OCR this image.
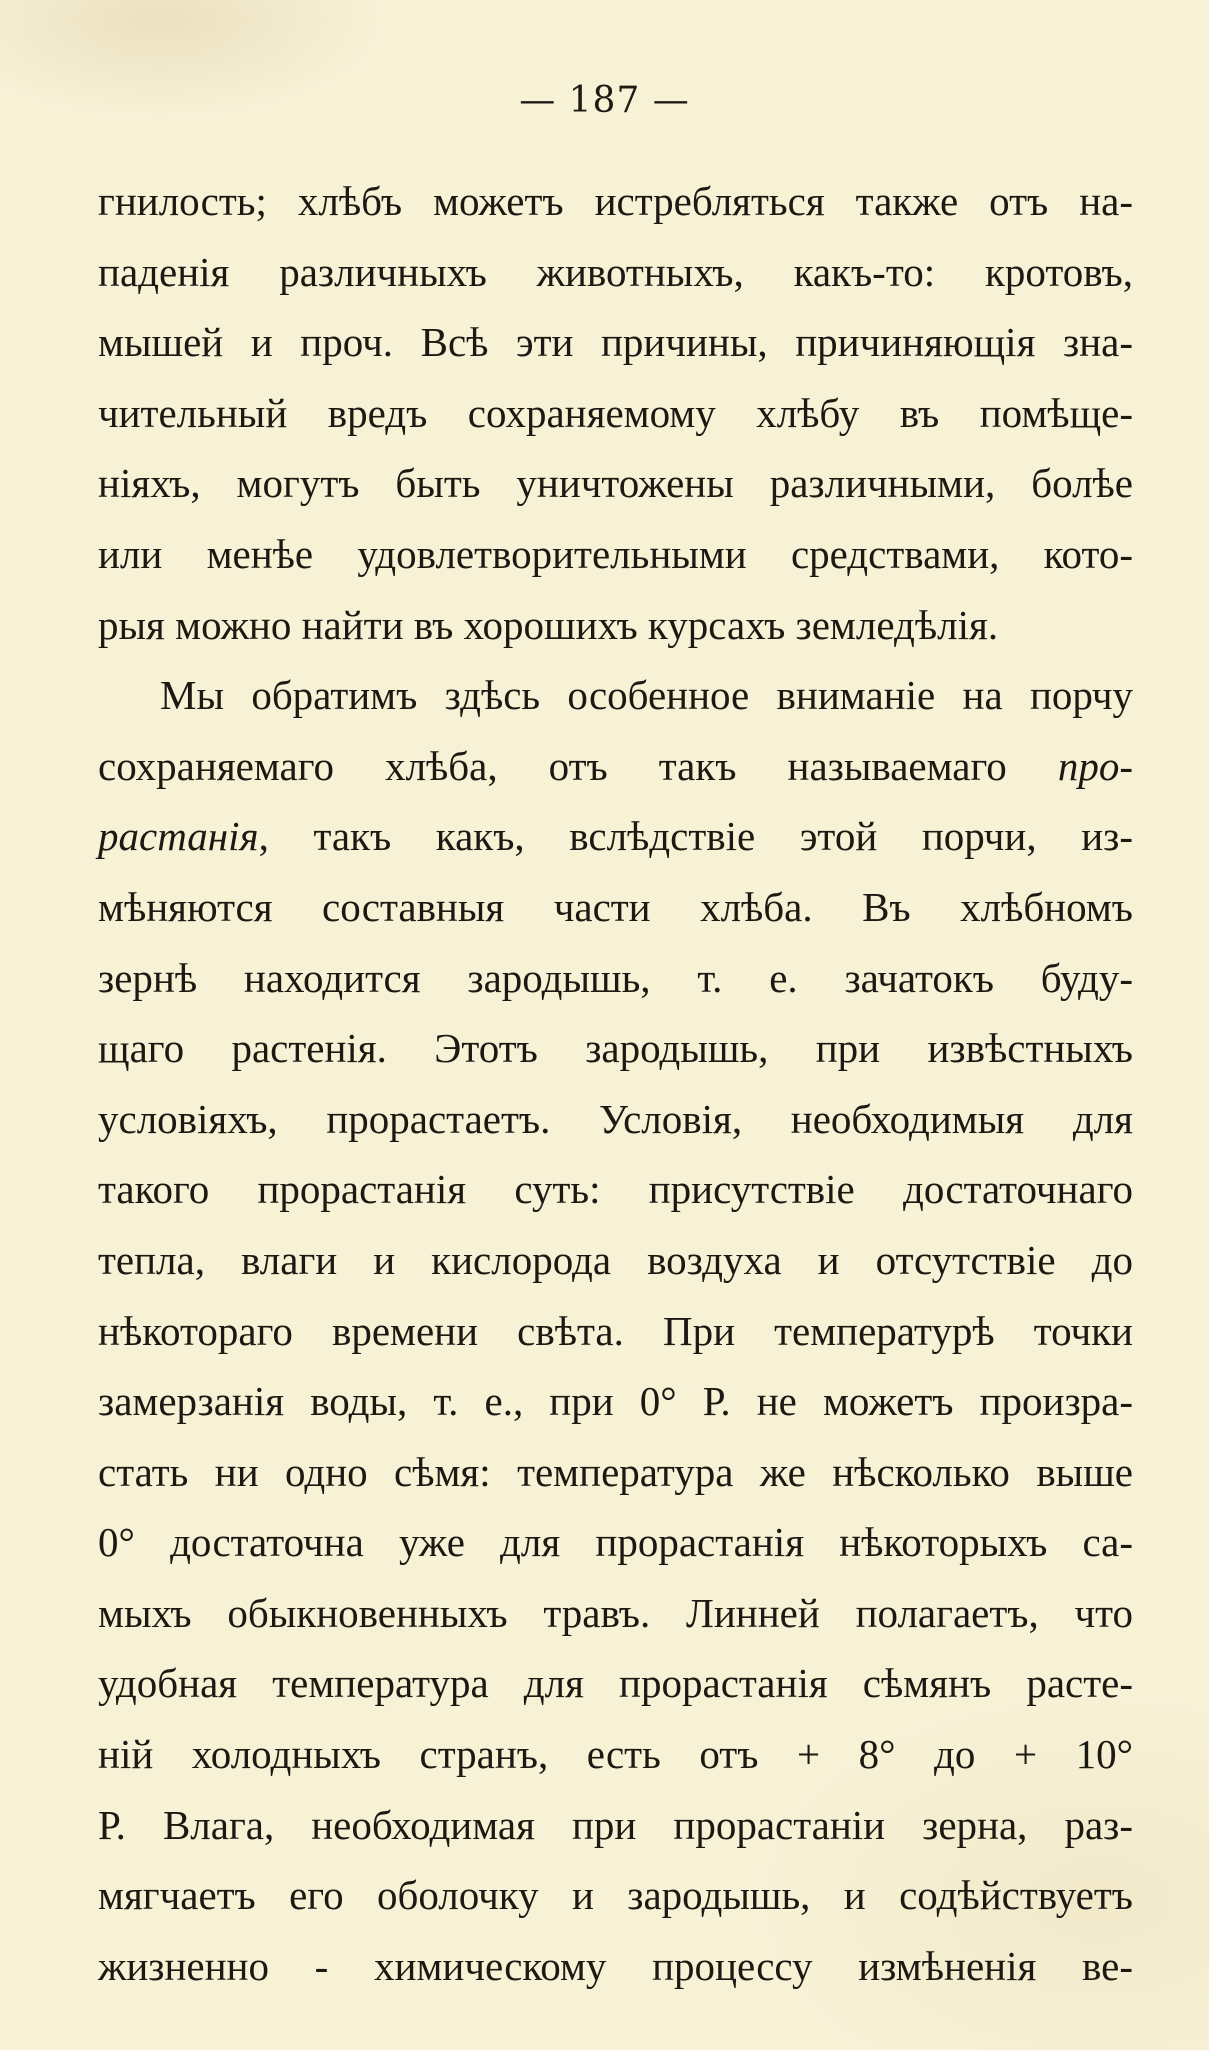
— 187 —
гнилость; хлѣбъ можетъ истребляться также отъ на-
паденія различныхъ животныхъ, какъ-то: кротовъ,
мышей и проч. Всѣ эти причины, причиняющія зна-
чительный вредъ сохраняемому хлѣбу въ помѣще-
ніяхъ, могутъ быть уничтожены различными, болѣе
или менѣе удовлетворительными средствами, кото-
рыя можно найти въ хорошихъ курсахъ земледѣлія.
Мы обратимъ здѣсь особенное вниманіе на порчу
сохраняемаго хлѣба, отъ такъ называемаго про-
растанія, такъ какъ, вслѣдствіе этой порчи, из-
мѣняются составныя части хлѣба. Въ хлѣбномъ
зернѣ находится зародышь, т. е. зачатокъ буду-
щаго растенія. Этотъ зародышь, при извѣстныхъ
условіяхъ, прорастаетъ. Условія, необходимыя для
такого прорастанія суть: присутствіе достаточнаго
тепла, влаги и кислорода воздуха и отсутствіе до
нѣкотораго времени свѣта. При температурѣ точки
замерзанія воды, т. е., при 0° Р. не можетъ произра-
стать ни одно сѣмя: температура же нѣсколько выше
0° достаточна уже для прорастанія нѣкоторыхъ са-
мыхъ обыкновенныхъ травъ. Линней полагаетъ, что
удобная температура для прорастанія сѣмянъ расте-
ній холодныхъ странъ, есть отъ + 8° до + 10°
Р. Влага, необходимая при прорастаніи зерна, раз-
мягчаетъ его оболочку и зародышь, и содѣйствуетъ
жизненно - химическому процессу измѣненія ве-
